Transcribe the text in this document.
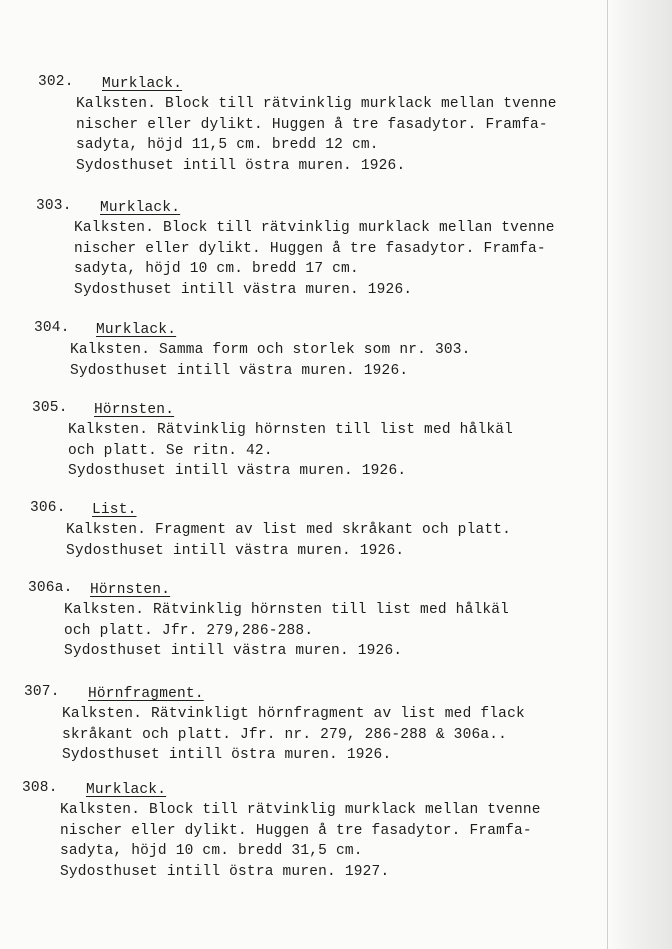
302. Murklack.
Kalksten. Block till rätvinklig murklack mellan tvenne
nischer eller dylikt. Huggen å tre fasadytor. Framfa-
sadyta, höjd 11,5 cm. bredd 12 cm.
Sydosthuset intill östra muren. 1926.
303. Murklack.
Kalksten. Block till rätvinklig murklack mellan tvenne
nischer eller dylikt. Huggen å tre fasadytor. Framfa-
sadyta, höjd 10 cm. bredd 17 cm.
Sydosthuset intill västra muren. 1926.
304. Murklack.
Kalksten. Samma form och storlek som nr. 303.
Sydosthuset intill västra muren. 1926.
305. Hörnsten.
Kalksten. Rätvinklig hörnsten till list med hålkäl
och platt. Se ritn. 42.
Sydosthuset intill västra muren. 1926.
306. List.
Kalksten. Fragment av list med skråkant och platt.
Sydosthuset intill västra muren. 1926.
306a. Hörnsten.
Kalksten. Rätvinklig hörnsten till list med hålkäl
och platt. Jfr. 279,286-288.
Sydosthuset intill västra muren. 1926.
307. Hörnfragment.
Kalksten. Rätvinkligt hörnfragment av list med flack
skråkant och platt. Jfr. nr. 279, 286-288 & 306a..
Sydosthuset intill östra muren. 1926.
308. Murklack.
Kalksten. Block till rätvinklig murklack mellan tvenne
nischer eller dylikt. Huggen å tre fasadytor. Framfa-
sadyta, höjd 10 cm. bredd 31,5 cm.
Sydosthuset intill östra muren. 1927.
